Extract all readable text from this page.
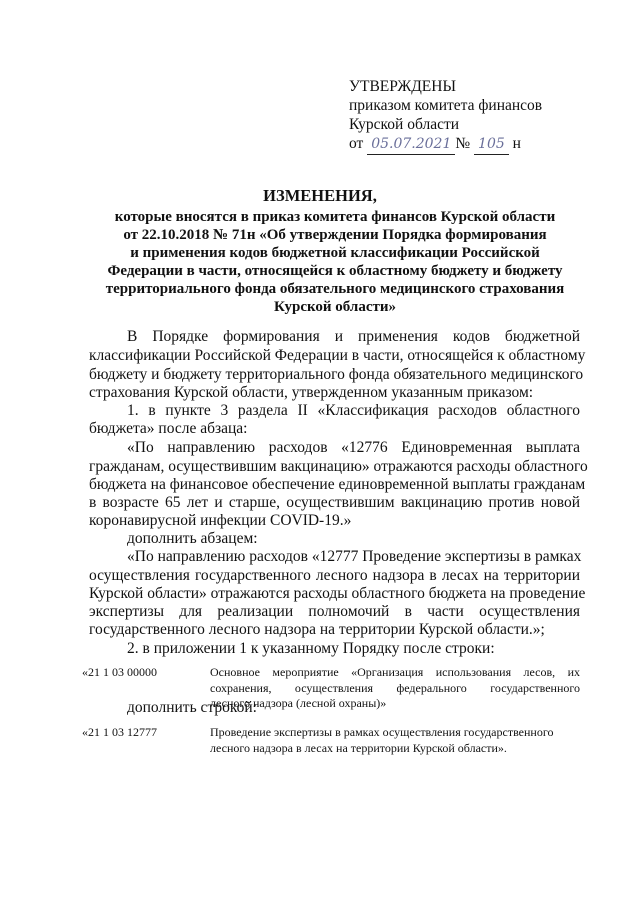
УТВЕРЖДЕНЫ
приказом комитета финансов
Курской области
от 05.07.2021 № 105 н
ИЗМЕНЕНИЯ,
которые вносятся в приказ комитета финансов Курской области
от 22.10.2018 № 71н «Об утверждении Порядка формирования
и применения кодов бюджетной классификации Российской
Федерации в части, относящейся к областному бюджету и бюджету
территориального фонда обязательного медицинского страхования
Курской области»
В Порядке формирования и применения кодов бюджетной
классификации Российской Федерации в части, относящейся к областному
бюджету и бюджету территориального фонда обязательного медицинского
страхования Курской области, утвержденном указанным приказом:
1. в пункте 3 раздела II «Классификация расходов областного
бюджета» после абзаца:
«По направлению расходов «12776 Единовременная выплата
гражданам, осуществившим вакцинацию» отражаются расходы областного
бюджета на финансовое обеспечение единовременной выплаты гражданам
в возрасте 65 лет и старше, осуществившим вакцинацию против новой
коронавирусной инфекции COVID-19.»
дополнить абзацем:
«По направлению расходов «12777 Проведение экспертизы в рамках
осуществления государственного лесного надзора в лесах на территории
Курской области» отражаются расходы областного бюджета на проведение
экспертизы для реализации полномочий в части осуществления
государственного лесного надзора на территории Курской области.»;
2. в приложении 1 к указанному Порядку после строки:
«21 1 03 00000	Основное мероприятие «Организация использования лесов, их
сохранения, осуществления федерального государственного
лесного надзора (лесной охраны)»
дополнить строкой:
«21 1 03 12777	Проведение экспертизы в рамках осуществления государственного
лесного надзора в лесах на территории Курской области».
